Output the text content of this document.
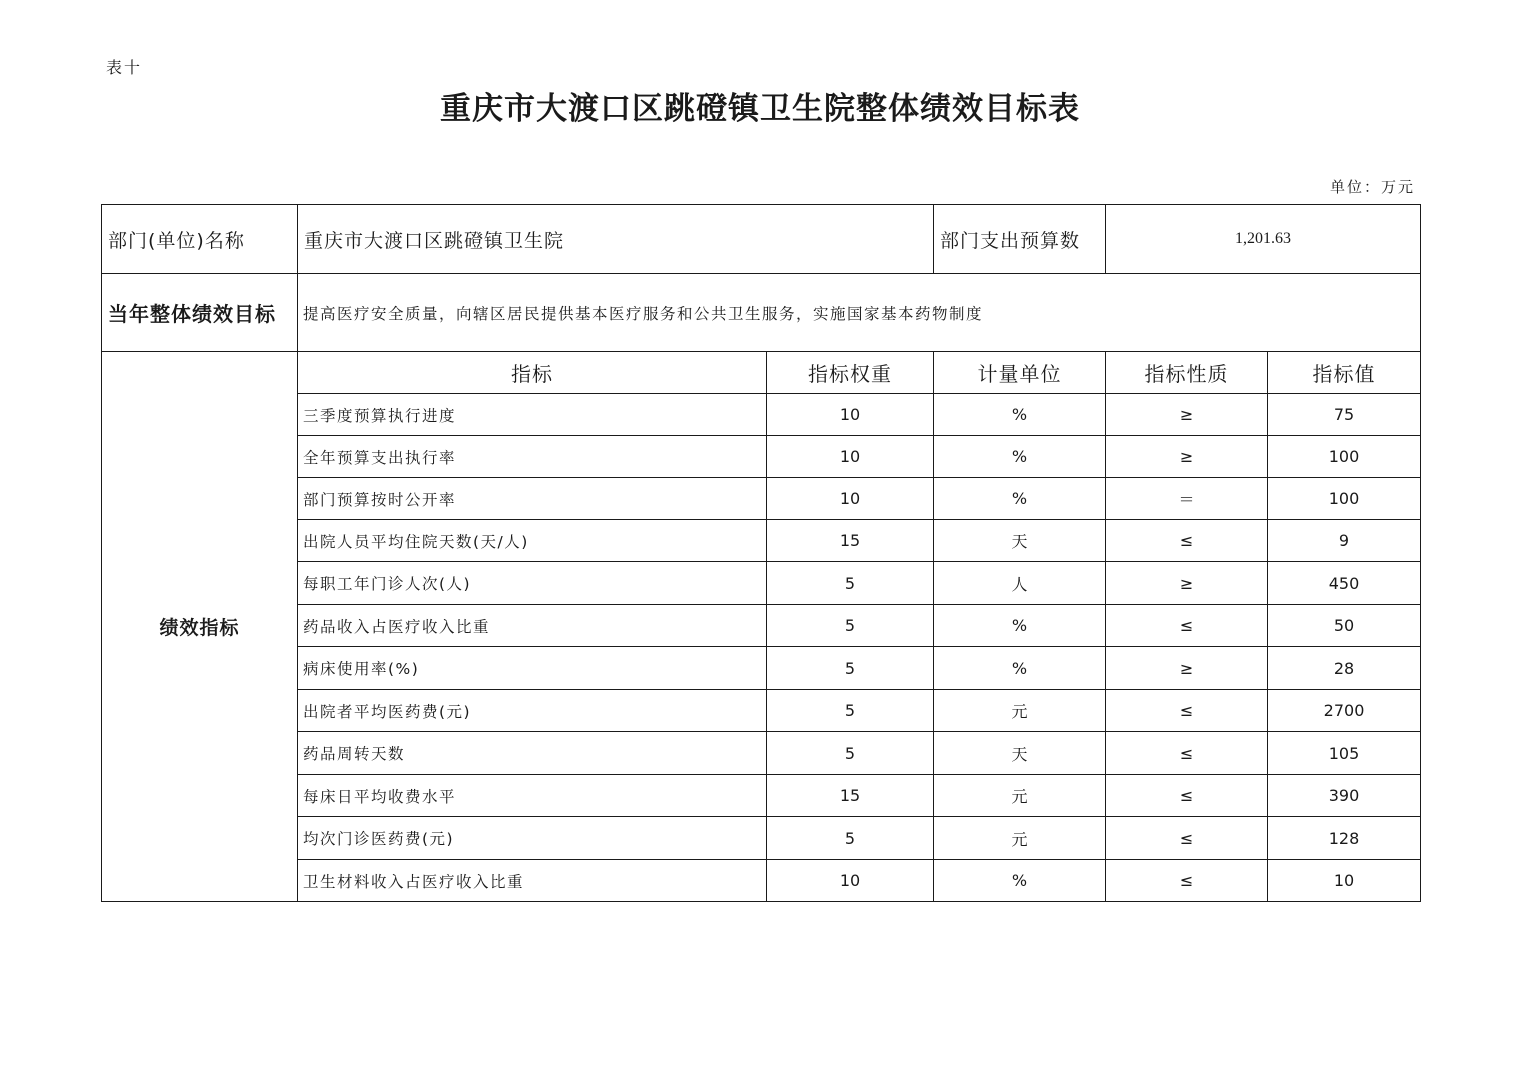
表十
重庆市大渡口区跳磴镇卫生院整体绩效目标表
单位：万元
部门(单位)名称	重庆市大渡口区跳磴镇卫生院		部门支出预算数	1,201.63	
当年整体绩效目标	提高医疗安全质量，向辖区居民提供基本医疗服务和公共卫生服务，实施国家基本药物制度				
绩效指标	指标	指标权重	计量单位	指标性质	指标值
	三季度预算执行进度	10	%	≥	75
	全年预算支出执行率	10	%	≥	100
	部门预算按时公开率	10	%	＝	100
	出院人员平均住院天数(天/人)	15	天	≤	9
	每职工年门诊人次(人)	5	人	≥	450
	药品收入占医疗收入比重	5	%	≤	50
	病床使用率(%)	5	%	≥	28
	出院者平均医药费(元)	5	元	≤	2700
	药品周转天数	5	天	≤	105
	每床日平均收费水平	15	元	≤	390
	均次门诊医药费(元)	5	元	≤	128
	卫生材料收入占医疗收入比重	10	%	≤	10
